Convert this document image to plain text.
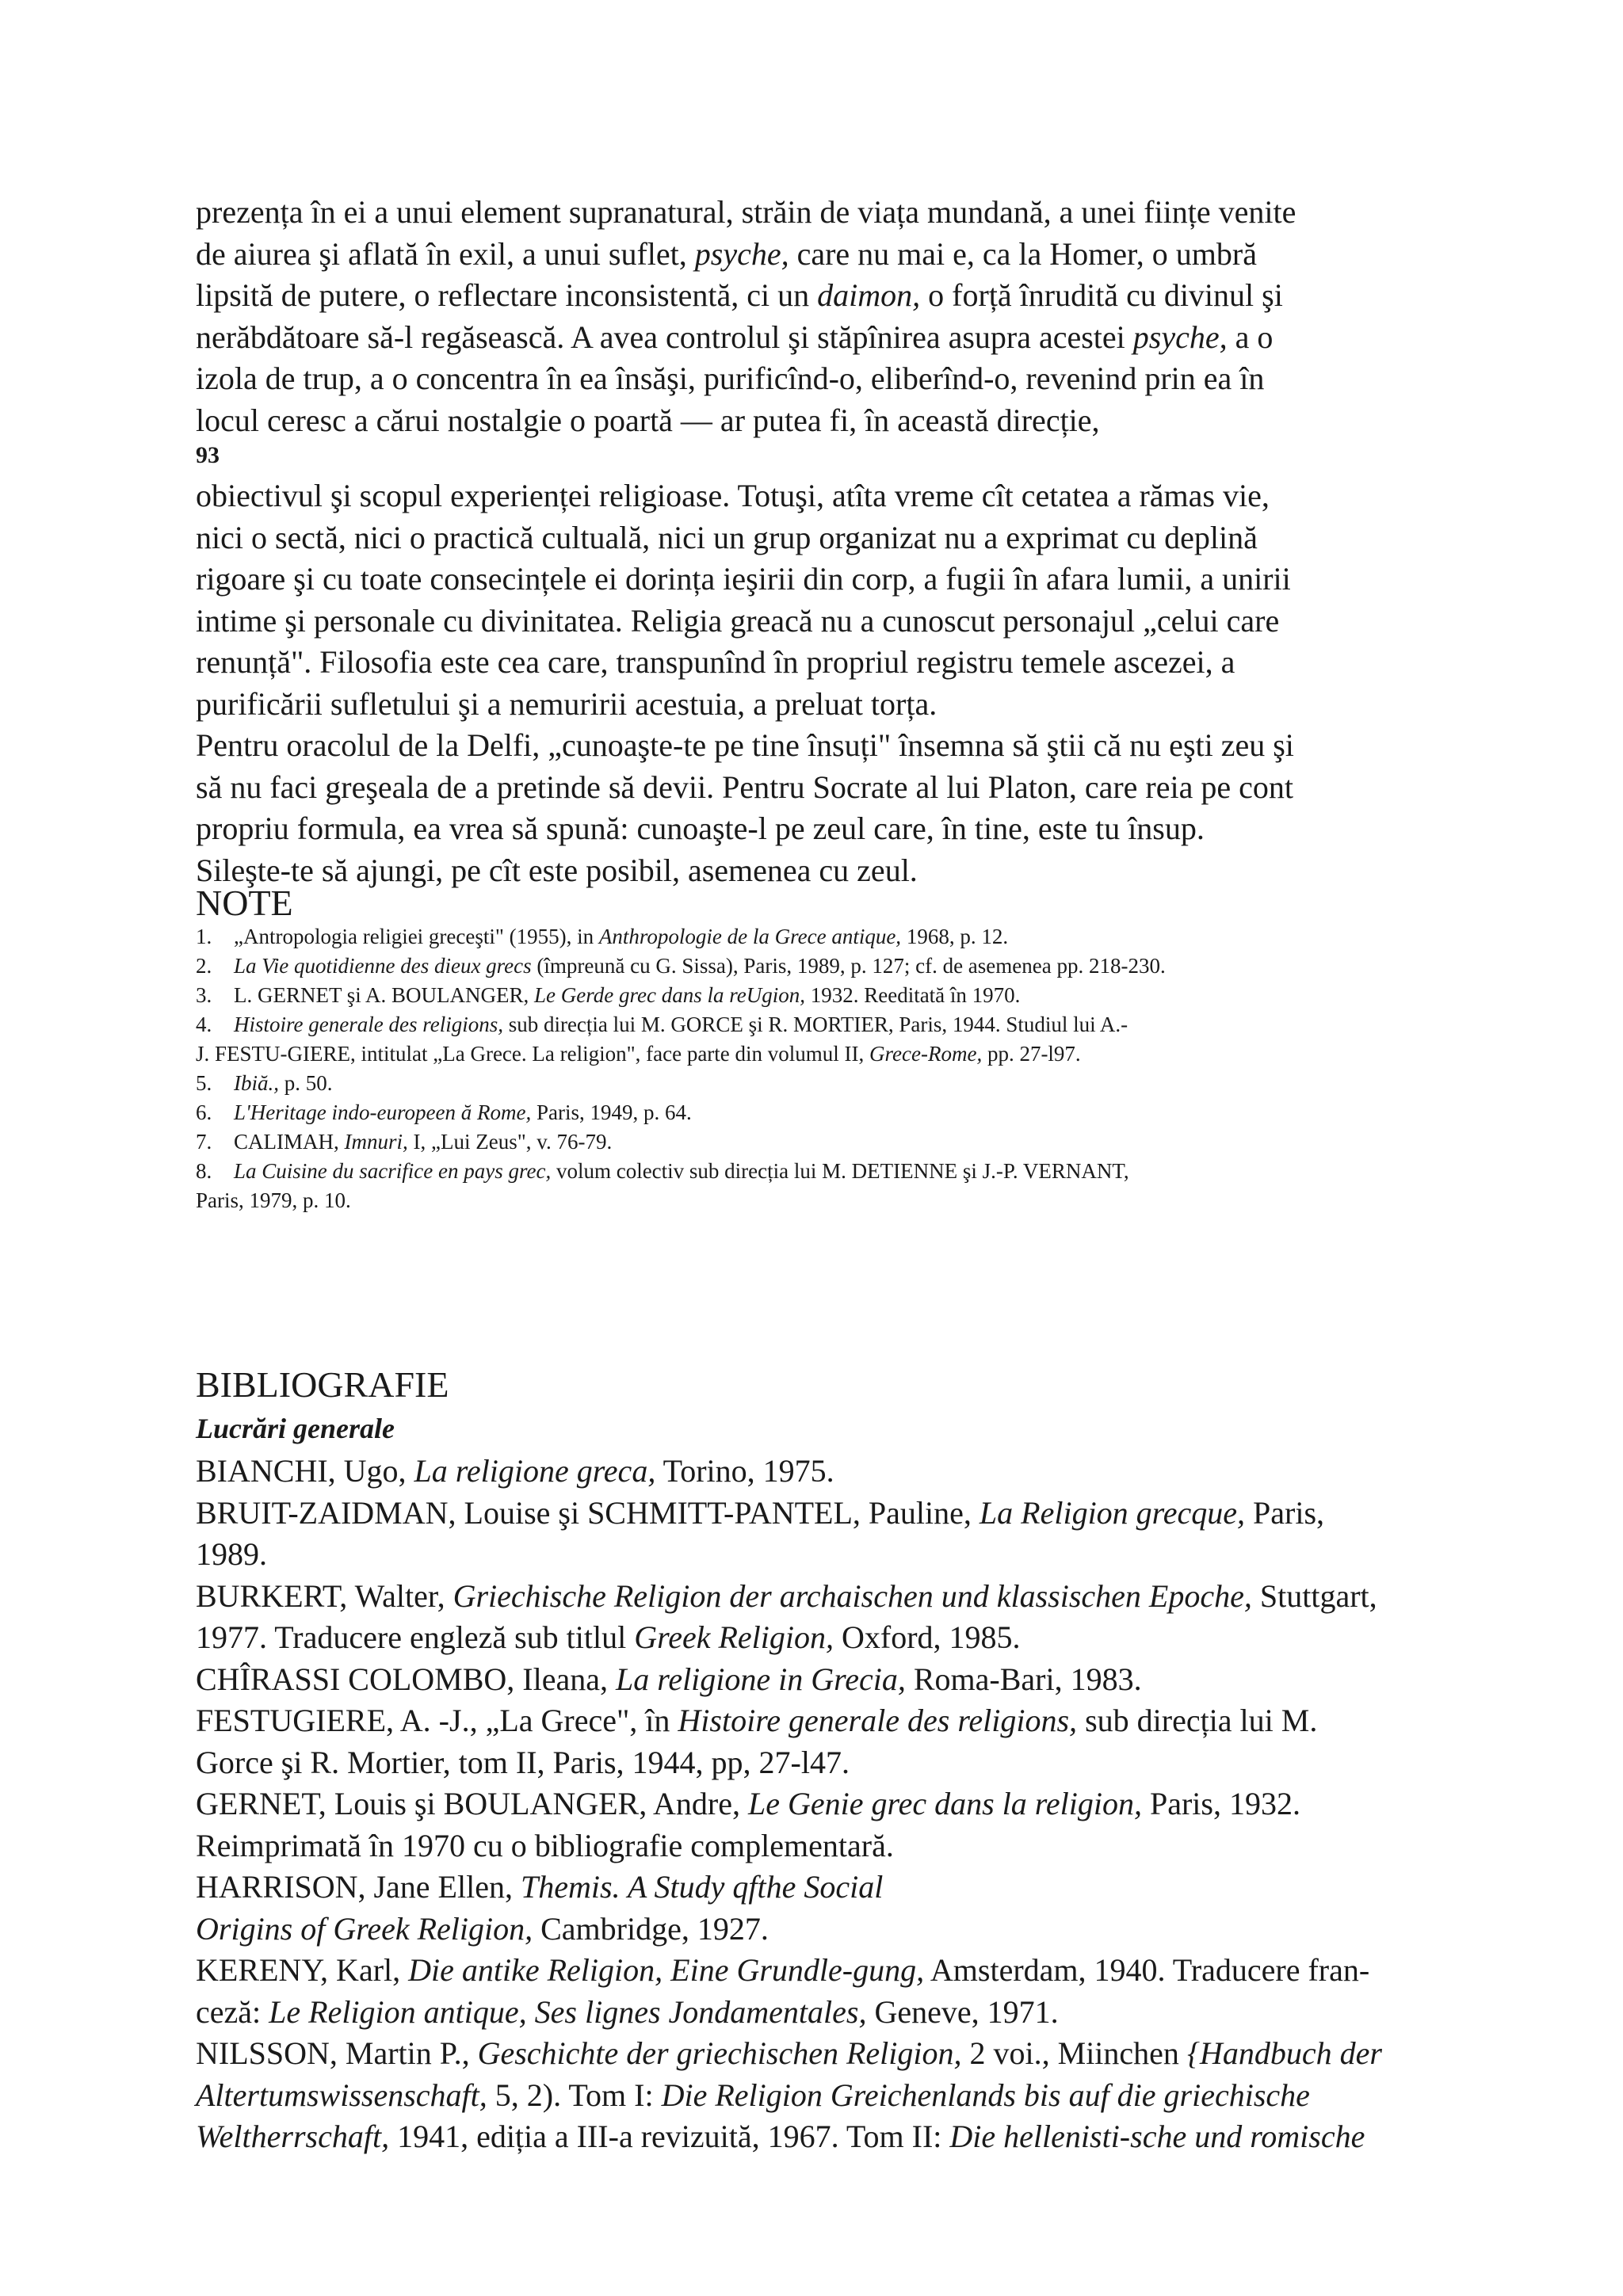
prezența în ei a unui element supranatural, străin de viața mundană, a unei ființe venite
de aiurea şi aflată în exil, a unui suflet, psyche, care nu mai e, ca la Homer, o umbră
lipsită de putere, o reflectare inconsistentă, ci un daimon, o forță înrudită cu divinul şi
nerăbdătoare să-l regăsească. A avea controlul şi stăpînirea asupra acestei psyche, a o
izola de trup, a o concentra în ea însăşi, purificînd-o, eliberînd-o, revenind prin ea în
locul ceresc a cărui nostalgie o poartă — ar putea fi, în această direcție,
93
obiectivul şi scopul experienței religioase. Totuşi, atîta vreme cît cetatea a rămas vie,
nici o sectă, nici o practică cultuală, nici un grup organizat nu a exprimat cu deplină
rigoare şi cu toate consecințele ei dorința ieşirii din corp, a fugii în afara lumii, a unirii
intime şi personale cu divinitatea. Religia greacă nu a cunoscut personajul „celui care
renunță". Filosofia este cea care, transpunînd în propriul registru temele ascezei, a
purificării sufletului şi a nemuririi acestuia, a preluat torța.
Pentru oracolul de la Delfi, „cunoaşte-te pe tine însuți" însemna să ştii că nu eşti zeu şi
să nu faci greşeala de a pretinde să devii. Pentru Socrate al lui Platon, care reia pe cont
propriu formula, ea vrea să spună: cunoaşte-l pe zeul care, în tine, este tu însup.
Sileşte-te să ajungi, pe cît este posibil, asemenea cu zeul.
NOTE
1. „Antropologia religiei greceşti" (1955), in Anthropologie de la Grece antique, 1968, p. 12.
2. La Vie quotidienne des dieux grecs (împreună cu G. Sissa), Paris, 1989, p. 127; cf. de asemenea pp. 218-230.
3. L. GERNET şi A. BOULANGER, Le Gerde grec dans la reUgion, 1932. Reeditată în 1970.
4. Histoire generale des religions, sub direcția lui M. GORCE şi R. MORTIER, Paris, 1944. Studiul lui A.-
J. FESTU-GIERE, intitulat „La Grece. La religion", face parte din volumul II, Grece-Rome, pp. 27-l97.
5. Ibiă., p. 50.
6. L'Heritage indo-europeen ă Rome, Paris, 1949, p. 64.
7. CALIMAH, Imnuri, I, „Lui Zeus", v. 76-79.
8. La Cuisine du sacrifice en pays grec, volum colectiv sub direcția lui M. DETIENNE şi J.-P. VERNANT,
Paris, 1979, p. 10.
BIBLIOGRAFIE
Lucrări generale
BIANCHI, Ugo, La religione greca, Torino, 1975.
BRUIT-ZAIDMAN, Louise şi SCHMITT-PANTEL, Pauline, La Religion grecque, Paris,
1989.
BURKERT, Walter, Griechische Religion der archaischen und klassischen Epoche, Stuttgart,
1977. Traducere engleză sub titlul Greek Religion, Oxford, 1985.
CHÎRASSI COLOMBO, Ileana, La religione in Grecia, Roma-Bari, 1983.
FESTUGIERE, A. -J., „La Grece", în Histoire generale des religions, sub direcția lui M.
Gorce şi R. Mortier, tom II, Paris, 1944, pp, 27-l47.
GERNET, Louis şi BOULANGER, Andre, Le Genie grec dans la religion, Paris, 1932.
Reimprimată în 1970 cu o bibliografie complementară.
HARRISON, Jane Ellen, Themis. A Study qfthe Social
Origins of Greek Religion, Cambridge, 1927.
KERENY, Karl, Die antike Religion, Eine Grundle-gung, Amsterdam, 1940. Traducere fran-
ceză: Le Religion antique, Ses lignes Jondamentales, Geneve, 1971.
NILSSON, Martin P., Geschichte der griechischen Religion, 2 voi., Miinchen {Handbuch der
Altertumswissenschaft, 5, 2). Tom I: Die Religion Greichenlands bis auf die griechische
Weltherrschaft, 1941, ediția a III-a revizuită, 1967. Tom II: Die hellenisti-sche und romische
